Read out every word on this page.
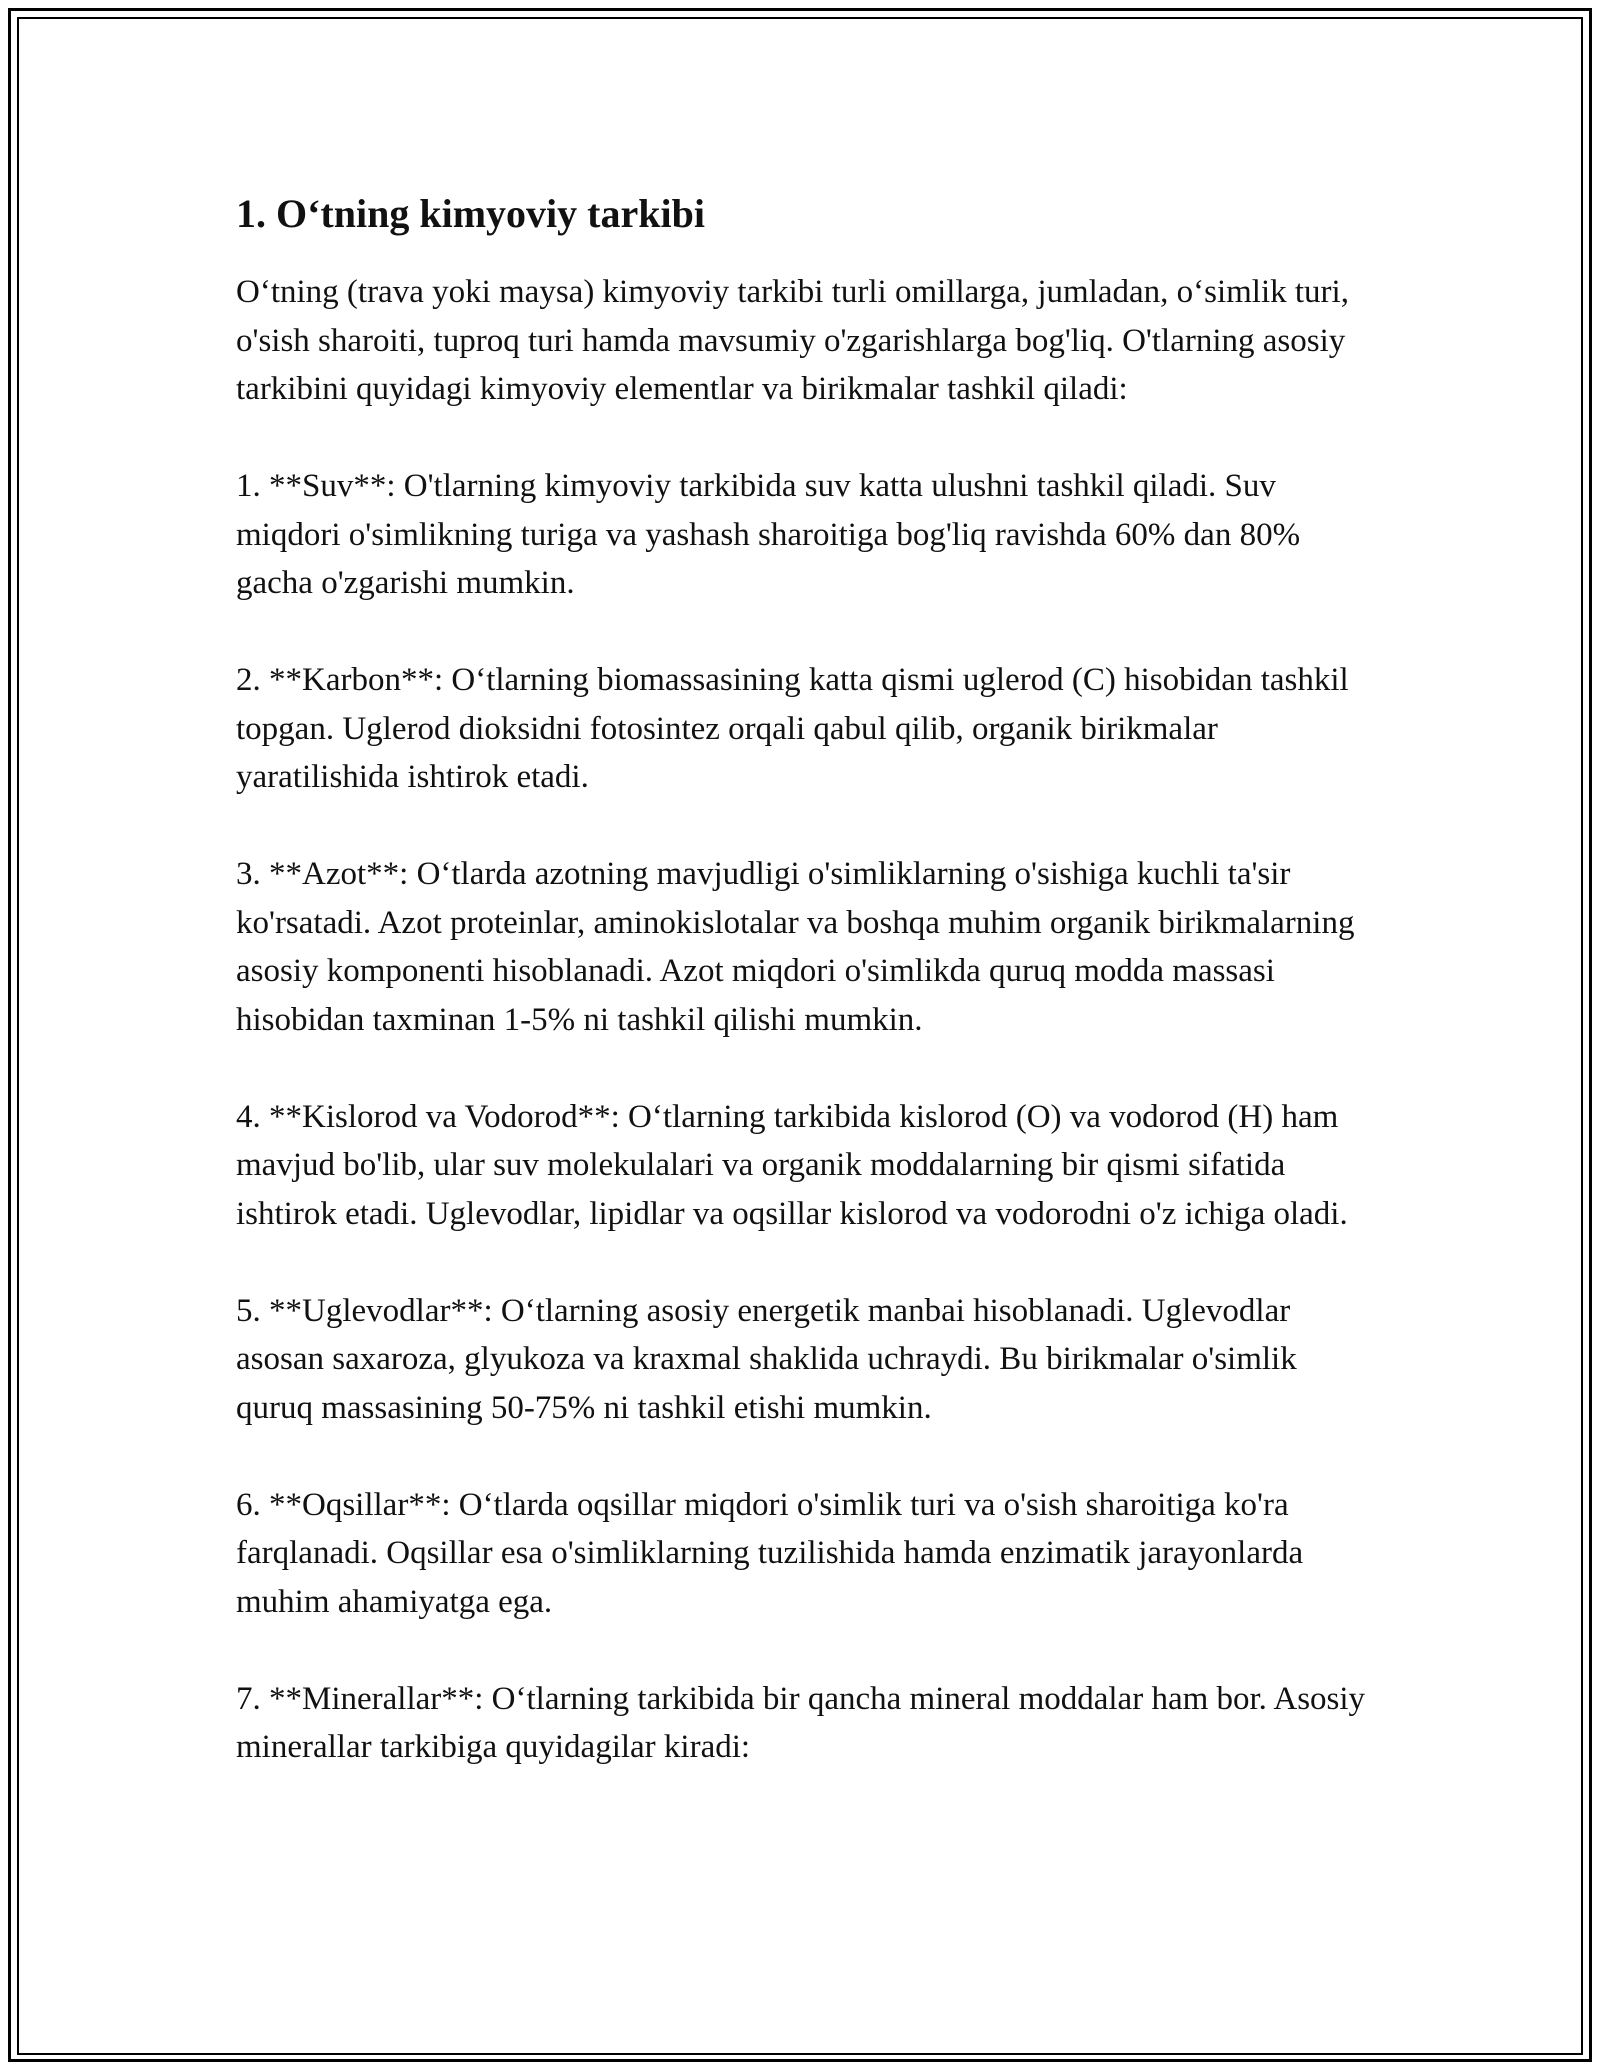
1. O‘tning kimyoviy tarkibi

O‘tning (trava yoki maysa) kimyoviy tarkibi turli omillarga, jumladan, o‘simlik turi, o'sish sharoiti, tuproq turi hamda mavsumiy o'zgarishlarga bog'liq. O'tlarning asosiy tarkibini quyidagi kimyoviy elementlar va birikmalar tashkil qiladi:

1. **Suv**: O'tlarning kimyoviy tarkibida suv katta ulushni tashkil qiladi. Suv miqdori o'simlikning turiga va yashash sharoitiga bog'liq ravishda 60% dan 80% gacha o'zgarishi mumkin.

2. **Karbon**: O‘tlarning biomassasining katta qismi uglerod (C) hisobidan tashkil topgan. Uglerod dioksidni fotosintez orqali qabul qilib, organik birikmalar yaratilishida ishtirok etadi.

3. **Azot**: O‘tlarda azotning mavjudligi o'simliklarning o'sishiga kuchli ta'sir ko'rsatadi. Azot proteinlar, aminokislotalar va boshqa muhim organik birikmalarning asosiy komponenti hisoblanadi. Azot miqdori o'simlikda quruq modda massasi hisobidan taxminan 1-5% ni tashkil qilishi mumkin.

4. **Kislorod va Vodorod**: O‘tlarning tarkibida kislorod (O) va vodorod (H) ham mavjud bo'lib, ular suv molekulalari va organik moddalarning bir qismi sifatida ishtirok etadi. Uglevodlar, lipidlar va oqsillar kislorod va vodorodni o'z ichiga oladi.

5. **Uglevodlar**: O‘tlarning asosiy energetik manbai hisoblanadi. Uglevodlar asosan saxaroza, glyukoza va kraxmal shaklida uchraydi. Bu birikmalar o'simlik quruq massasining 50-75% ni tashkil etishi mumkin.

6. **Oqsillar**: O‘tlarda oqsillar miqdori o'simlik turi va o'sish sharoitiga ko'ra farqlanadi. Oqsillar esa o'simliklarning tuzilishida hamda enzimatik jarayonlarda muhim ahamiyatga ega.

7. **Minerallar**: O‘tlarning tarkibida bir qancha mineral moddalar ham bor. Asosiy minerallar tarkibiga quyidagilar kiradi:
